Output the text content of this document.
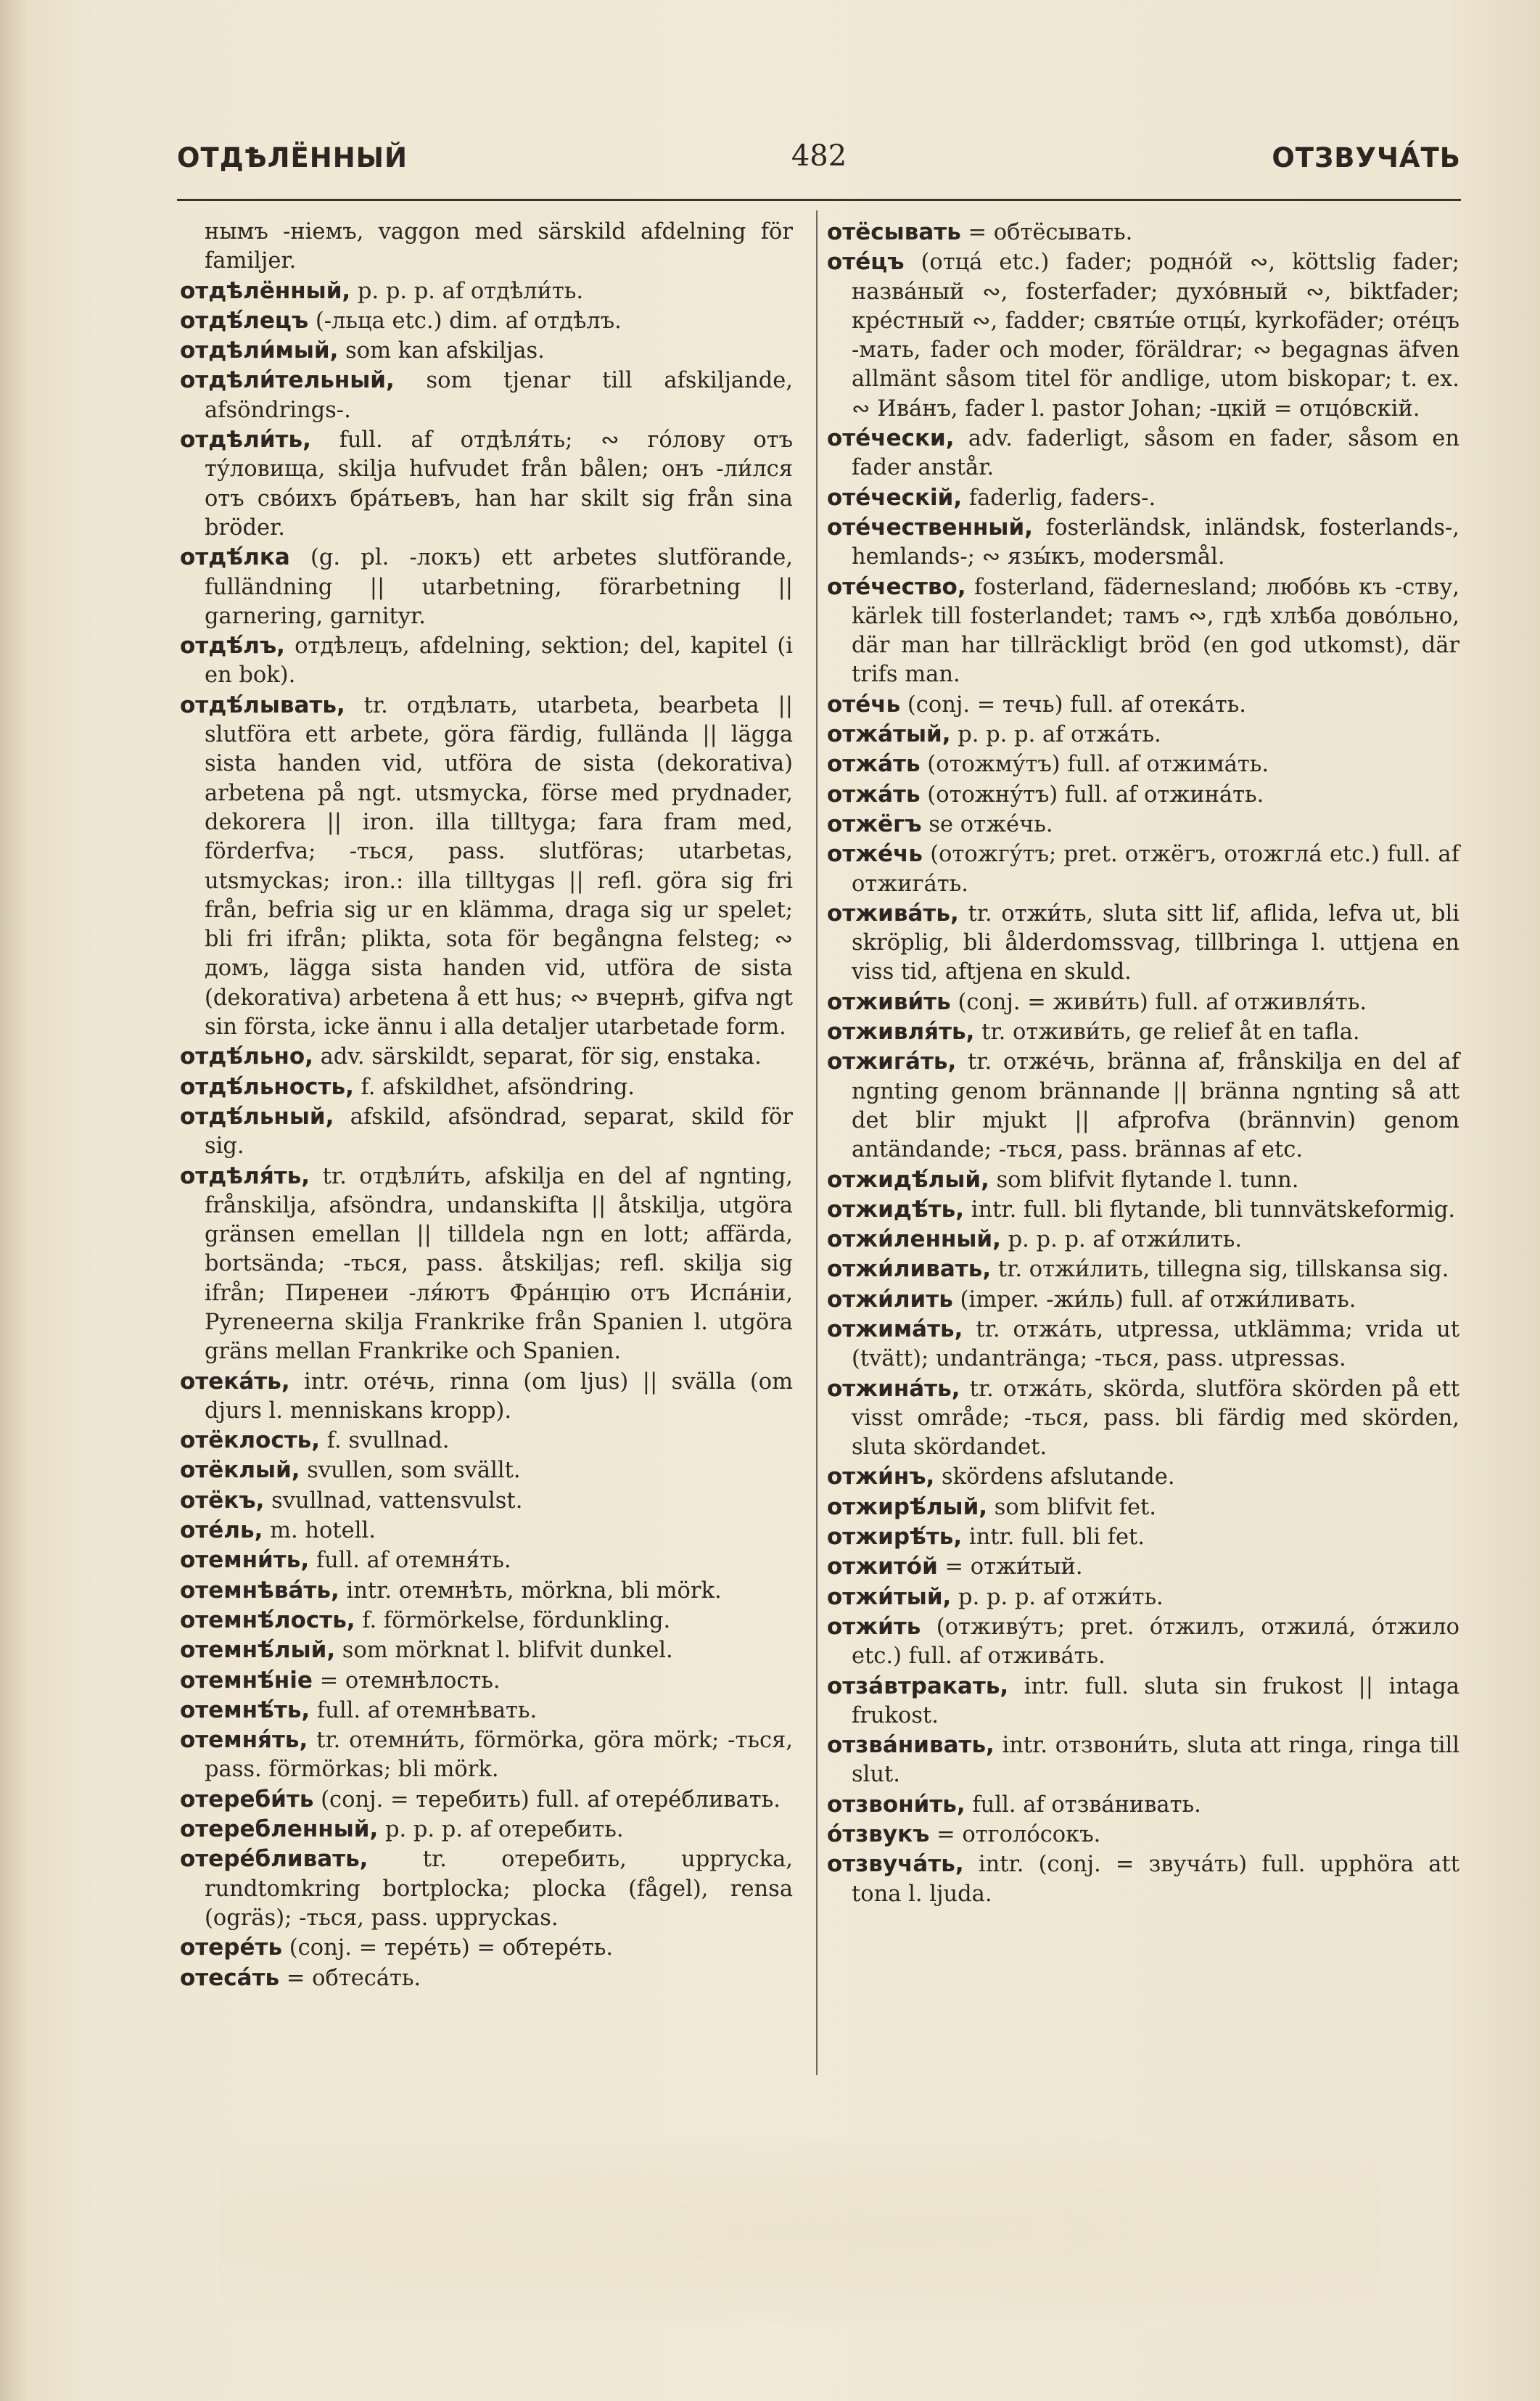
ОТДѢЛЁННЫЙ	482	ОТЗВУЧА́ТЬ

нымъ -ніемъ, vaggon med särskild afdelning för familjer.

отдѣлённый, p. p. p. af отдѣли́ть.

отдѣ́лецъ (-льца etc.) dim. af отдѣлъ.

отдѣли́мый, som kan afskiljas.

отдѣли́тельный, som tjenar till afskiljande, afsöndrings-.

отдѣли́ть, full. af отдѣля́ть; ∾ го́лову отъ ту́ловища, skilja hufvudet från bålen; онъ -ли́лся отъ сво́ихъ бра́тьевъ, han har skilt sig från sina bröder.

отдѣ́лка (g. pl. -локъ) ett arbetes slutförande, fulländning || utarbetning, förarbetning || garnering, garnityr.

отдѣ́лъ, отдѣлецъ, afdelning, sektion; del, kapitel (i en bok).

отдѣ́лывать, tr. отдѣлать, utarbeta, bearbeta || slutföra ett arbete, göra färdig, fullända || lägga sista handen vid, utföra de sista (dekorativa) arbetena på ngt. utsmycka, förse med prydnader, dekorera || iron. illa tilltyga; fara fram med, förderfva; -ться, pass. slutföras; utarbetas, utsmyckas; iron.: illa tilltygas || refl. göra sig fri från, befria sig ur en klämma, draga sig ur spelet; bli fri ifrån; plikta, sota för begångna felsteg; ∾ домъ, lägga sista handen vid, utföra de sista (dekorativa) arbetena å ett hus; ∾ вчернѣ, gifva ngt sin första, icke ännu i alla detaljer utarbetade form.

отдѣ́льно, adv. särskildt, separat, för sig, enstaka.

отдѣ́льность, f. afskildhet, afsöndring.

отдѣ́льный, afskild, afsöndrad, separat, skild för sig.

отдѣля́ть, tr. отдѣли́ть, afskilja en del af ngnting, frånskilja, afsöndra, undanskifta || åtskilja, utgöra gränsen emellan || tilldela ngn en lott; affärda, bortsända; -ться, pass. åtskiljas; refl. skilja sig ifrån; Пиренеи -ля́ютъ Фра́нцію отъ Испа́ніи, Pyreneerna skilja Frankrike från Spanien l. utgöra gräns mellan Frankrike och Spanien.

отека́ть, intr. оте́чь, rinna (om ljus) || svälla (om djurs l. menniskans kropp).

отёклость, f. svullnad.

отёклый, svullen, som svällt.

отёкъ, svullnad, vattensvulst.

оте́ль, m. hotell.

отемни́ть, full. af отемня́ть.

отемнѣва́ть, intr. отемнѣть, mörkna, bli mörk.

отемнѣ́лость, f. förmörkelse, fördunkling.

отемнѣ́лый, som mörknat l. blifvit dunkel.

отемнѣ́ніе = отемнѣлость.

отемнѣ́ть, full. af отемнѣвать.

отемня́ть, tr. отемни́ть, förmörka, göra mörk; -ться, pass. förmörkas; bli mörk.

отереби́ть (conj. = теребить) full. af отере́бливать.

отеребленный, p. p. p. af отеребить.

отере́бливать, tr. отеребить, uppryckа, rundtomkring bortplocka; plocka (fågel), rensa (ogräs); -ться, pass. uppryckas.

отере́ть (conj. = тере́ть) = обтере́ть.

отеса́ть = обтеса́ть.

отёсывать = обтёсывать.

оте́цъ (отца́ etc.) fader; родно́й ∾, köttslig fader; назва́ный ∾, fosterfader; духо́вный ∾, biktfader; кре́стный ∾, fadder; святы́е отцы́, kyrkofäder; оте́цъ -мать, fader och moder, föräldrar; ∾ begagnas äfven allmänt såsom titel för andlige, utom biskopar; t. ex. ∾ Ива́нъ, fader l. pastor Johan; -цкій = отцо́вскій.

оте́чески, adv. faderligt, såsom en fader, såsom en fader anstår.

оте́ческій, faderlig, faders-.

оте́чественный, fosterländsk, inländsk, fosterlands-, hemlands-; ∾ язы́къ, modersmål.

оте́чество, fosterland, fädernesland; любо́вь къ -ству, kärlek till fosterlandet; тамъ ∾, гдѣ хлѣба дово́льно, där man har tillräckligt bröd (en god utkomst), där trifs man.

оте́чь (conj. = течь) full. af отека́ть.

отжа́тый, p. p. p. af отжа́ть.

отжа́ть (отожму́тъ) full. af отжима́ть.

отжа́ть (отожну́тъ) full. af отжина́ть.

отжёгъ se отже́чь.

отже́чь (отожгу́тъ; pret. отжёгъ, отожгла́ etc.) full. af отжига́ть.

отжива́ть, tr. отжи́ть, sluta sitt lif, aflida, lefva ut, bli skröplig, bli ålderdomssvag, tillbringa l. uttjena en viss tid, aftjena en skuld.

отживи́ть (conj. = живи́ть) full. af отживля́ть.

отживля́ть, tr. отживи́ть, ge relief åt en tafla.

отжига́ть, tr. отже́чь, bränna af, frånskilja en del af ngnting genom brännande || bränna ngnting så att det blir mjukt || afprofva (brännvin) genom antändande; -ться, pass. brännas af etc.

отжидѣ́лый, som blifvit flytande l. tunn.

отжидѣ́ть, intr. full. bli flytande, bli tunnvätskeformig.

отжи́ленный, p. p. p. af отжи́лить.

отжи́ливать, tr. отжи́лить, tillegna sig, tillskansa sig.

отжи́лить (imper. -жи́ль) full. af отжи́ливать.

отжима́ть, tr. отжа́ть, utpressa, utklämma; vrida ut (tvätt); undantränga; -ться, pass. utpressas.

отжина́ть, tr. отжа́ть, skörda, slutföra skörden på ett visst område; -ться, pass. bli färdig med skörden, sluta skördandet.

отжи́нъ, skördens afslutande.

отжирѣ́лый, som blifvit fet.

отжирѣ́ть, intr. full. bli fet.

отжито́й = отжи́тый.

отжи́тый, p. p. p. af отжи́ть.

отжи́ть (отживу́тъ; pret. о́тжилъ, отжила́, о́тжило etc.) full. af отжива́ть.

отза́втракать, intr. full. sluta sin frukost || intaga frukost.

отзва́нивать, intr. отзвони́ть, sluta att ringa, ringa till slut.

отзвони́ть, full. af отзва́нивать.

о́тзвукъ = отголо́сокъ.

отзвуча́ть, intr. (conj. = звуча́ть) full. upphöra att tona l. ljuda.
